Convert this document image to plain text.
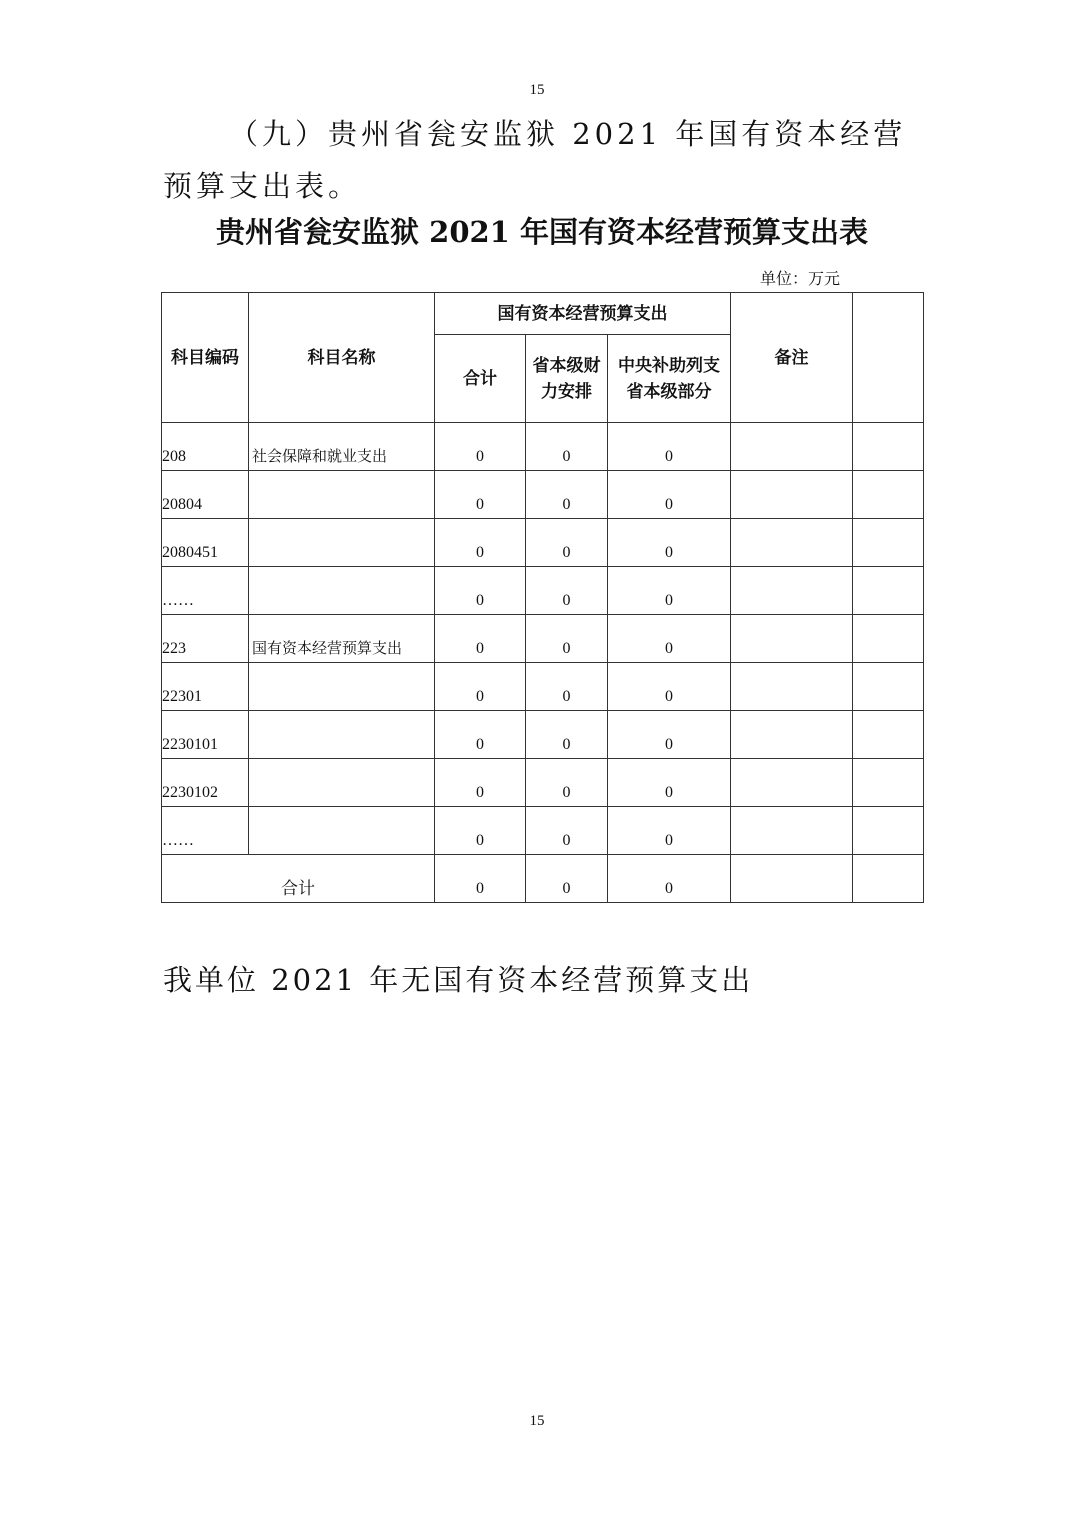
15
（九）贵州省瓮安监狱 2021 年国有资本经营预算支出表。
贵州省瓮安监狱 2021 年国有资本经营预算支出表
单位：万元
科目编码	科目名称	国有资本经营预算支出			备注	
		合计	省本级财力安排	中央补助列支省本级部分		
208	社会保障和就业支出	0	0	0		
20804		0	0	0		
2080451		0	0	0		
……		0	0	0		
223	国有资本经营预算支出	0	0	0		
22301		0	0	0		
2230101		0	0	0		
2230102		0	0	0		
……		0	0	0		
合计		0	0	0		
我单位 2021 年无国有资本经营预算支出
15
